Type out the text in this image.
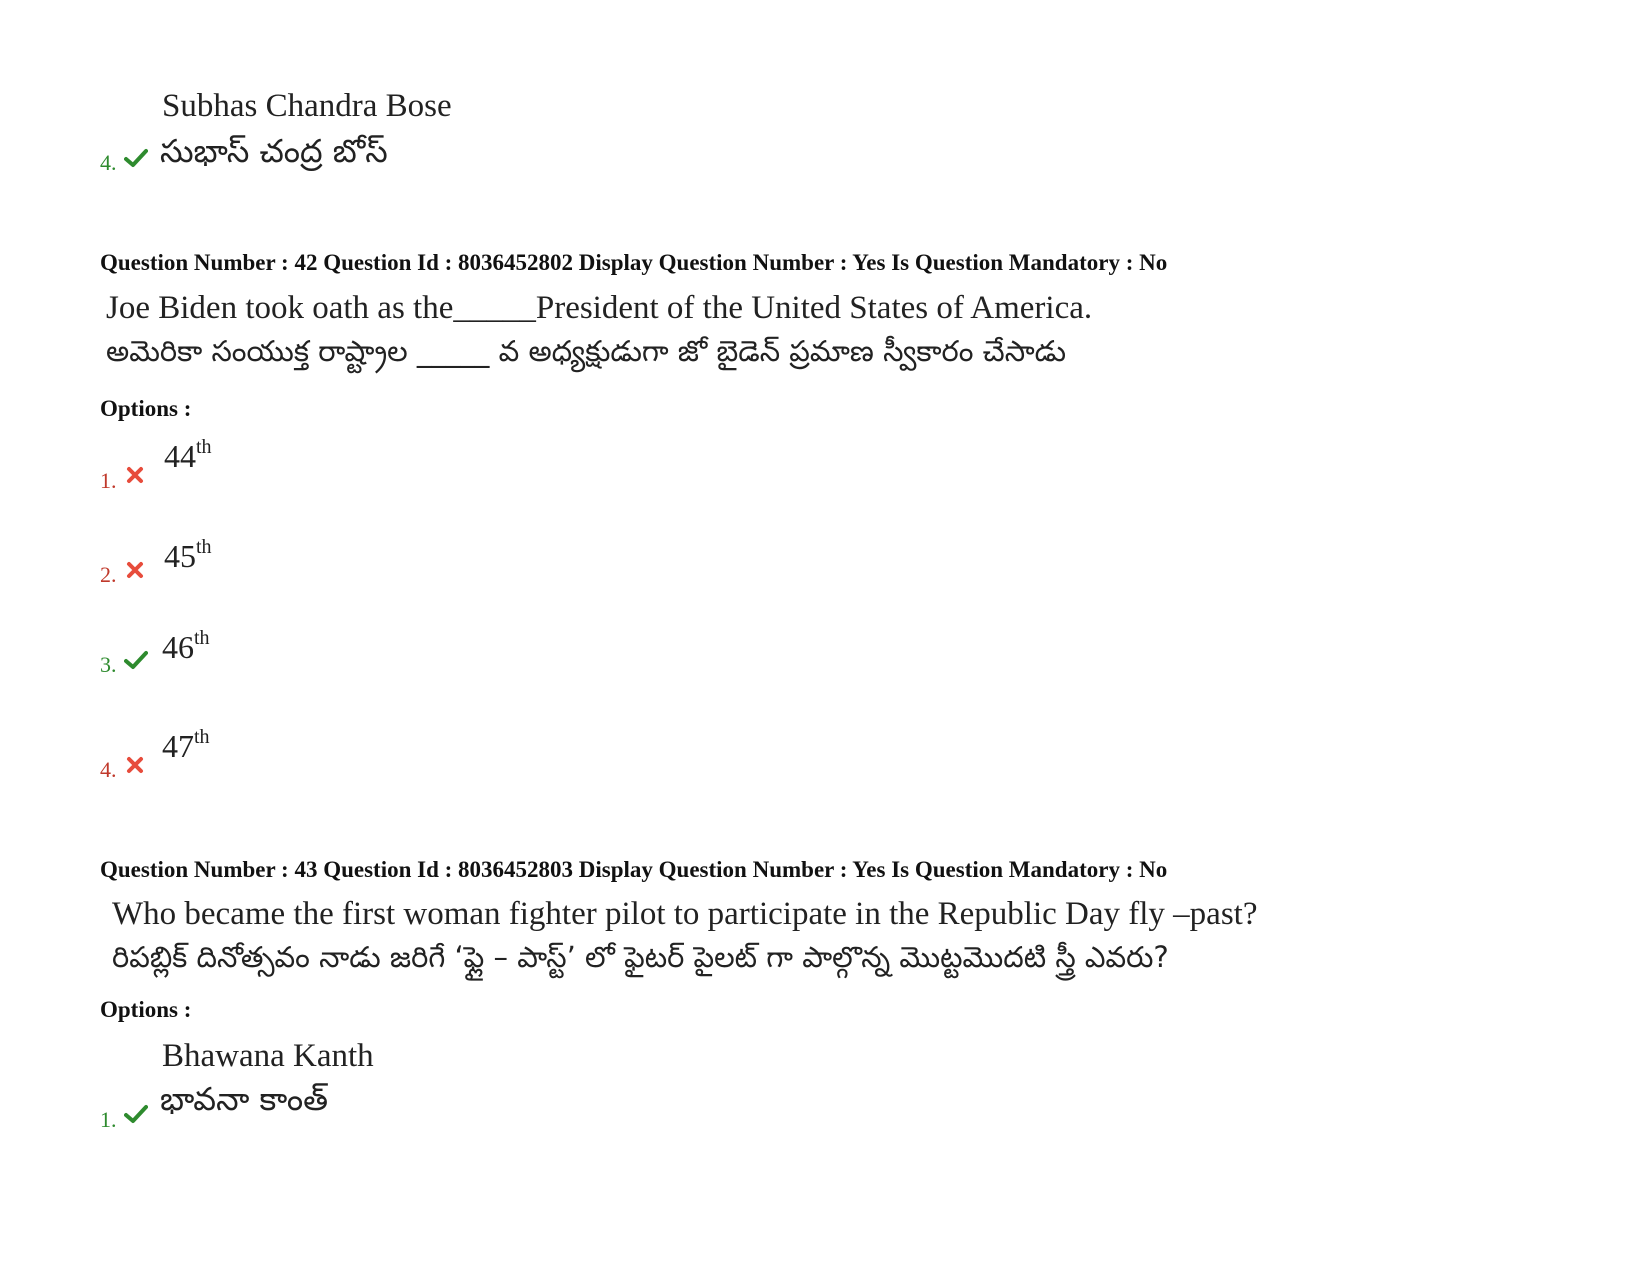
Subhas Chandra Bose
సుభాస్ చంద్ర బోస్
4.
Question Number : 42 Question Id : 8036452802 Display Question Number : Yes Is Question Mandatory : No
Joe Biden took oath as the_____President of the United States of America.
అమెరికా సంయుక్త రాష్ట్రాల _____ వ అధ్యక్షుడుగా జో బైడెన్ ప్రమాణ స్వీకారం చేసాడు
Options :
1.
44th
2.
45th
3. 46th
4.
47th
Question Number : 43 Question Id : 8036452803 Display Question Number : Yes Is Question Mandatory : No
Who became the first woman fighter pilot to participate in the Republic Day fly –past?
రిపబ్లిక్ దినోత్సవం నాడు జరిగే ‘ఫ్లై – పాస్ట్’ లో ఫైటర్ పైలట్ గా పాల్గొన్న మొట్టమొదటి స్త్రీ ఎవరు?
Options :
Bhawana Kanth
భావనా కాంత్
1.
